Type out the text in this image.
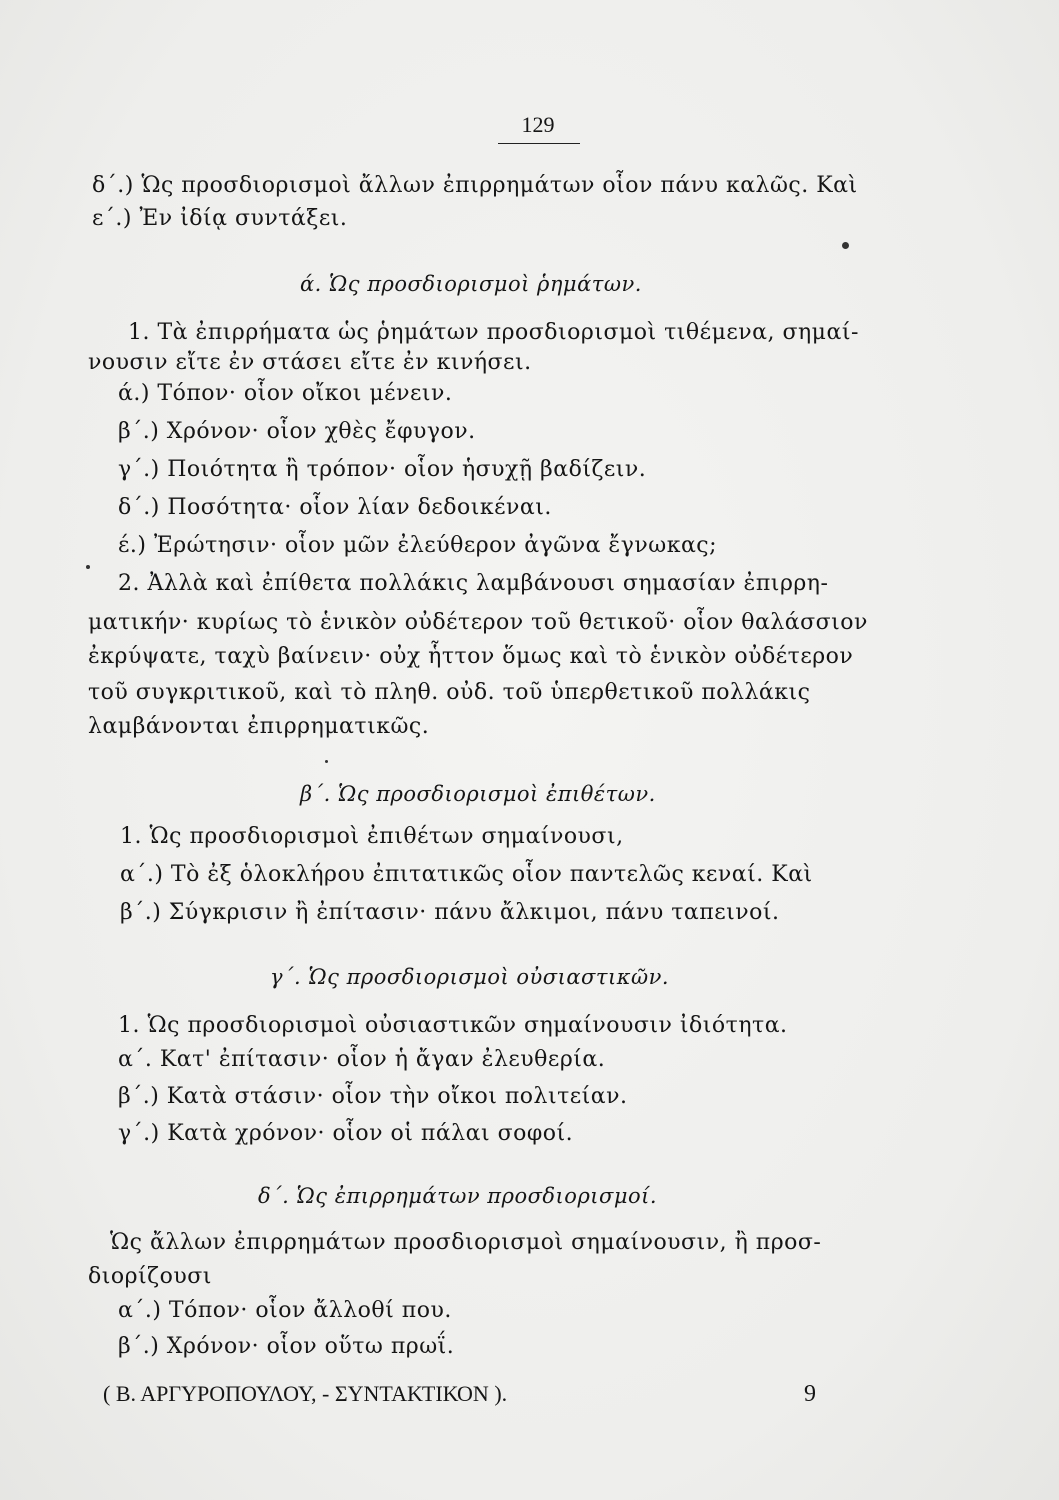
129
δ΄.) Ὡς προσδιορισμοὶ ἄλλων ἐπιρρημάτων οἷον πάνυ καλῶς. Καὶ
ε΄.) Ἐν ἰδίᾳ συντάξει.
ά. Ὡς προσδιορισμοὶ ῥημάτων.
1. Τὰ ἐπιρρήματα ὡς ῥημάτων προσδιορισμοὶ τιθέμενα, σημαί-
νουσιν εἴτε ἐν στάσει εἴτε ἐν κινήσει.
ά.) Τόπον· οἷον οἴκοι μένειν.
β΄.) Χρόνον· οἷον χθὲς ἔφυγον.
γ΄.) Ποιότητα ἢ τρόπον· οἷον ἡσυχῇ βαδίζειν.
δ΄.) Ποσότητα· οἷον λίαν δεδοικέναι.
έ.) Ἐρώτησιν· οἷον μῶν ἐλεύθερον ἀγῶνα ἔγνωκας;
2. Ἀλλὰ καὶ ἐπίθετα πολλάκις λαμβάνουσι σημασίαν ἐπιρρη-
ματικήν· κυρίως τὸ ἑνικὸν οὐδέτερον τοῦ θετικοῦ· οἷον θαλάσσιον
ἐκρύψατε, ταχὺ βαίνειν· οὐχ ἧττον ὅμως καὶ τὸ ἑνικὸν οὐδέτερον
τοῦ συγκριτικοῦ, καὶ τὸ πληθ. οὐδ. τοῦ ὑπερθετικοῦ πολλάκις
λαμβάνονται ἐπιρρηματικῶς.
β΄. Ὡς προσδιορισμοὶ ἐπιθέτων.
1. Ὡς προσδιορισμοὶ ἐπιθέτων σημαίνουσι,
α΄.) Τὸ ἐξ ὁλοκλήρου ἐπιτατικῶς οἷον παντελῶς κεναί. Καὶ
β΄.) Σύγκρισιν ἢ ἐπίτασιν· πάνυ ἄλκιμοι, πάνυ ταπεινοί.
γ΄. Ὡς προσδιορισμοὶ οὐσιαστικῶν.
1. Ὡς προσδιορισμοὶ οὐσιαστικῶν σημαίνουσιν ἰδιότητα.
α΄. Κατ' ἐπίτασιν· οἷον ἡ ἄγαν ἐλευθερία.
β΄.) Κατὰ στάσιν· οἷον τὴν οἴκοι πολιτείαν.
γ΄.) Κατὰ χρόνον· οἷον οἱ πάλαι σοφοί.
δ΄. Ὡς ἐπιρρημάτων προσδιορισμοί.
Ὡς ἄλλων ἐπιρρημάτων προσδιορισμοὶ σημαίνουσιν, ἢ προσ-
διορίζουσι
α΄.) Τόπον· οἷον ἄλλοθί που.
β΄.) Χρόνον· οἷον οὕτω πρωΐ.
( Β. ΑΡΓΥΡΟΠΟΥΛΟΥ, - ΣΥΝΤΑΚΤΙΚΟΝ ).	9
